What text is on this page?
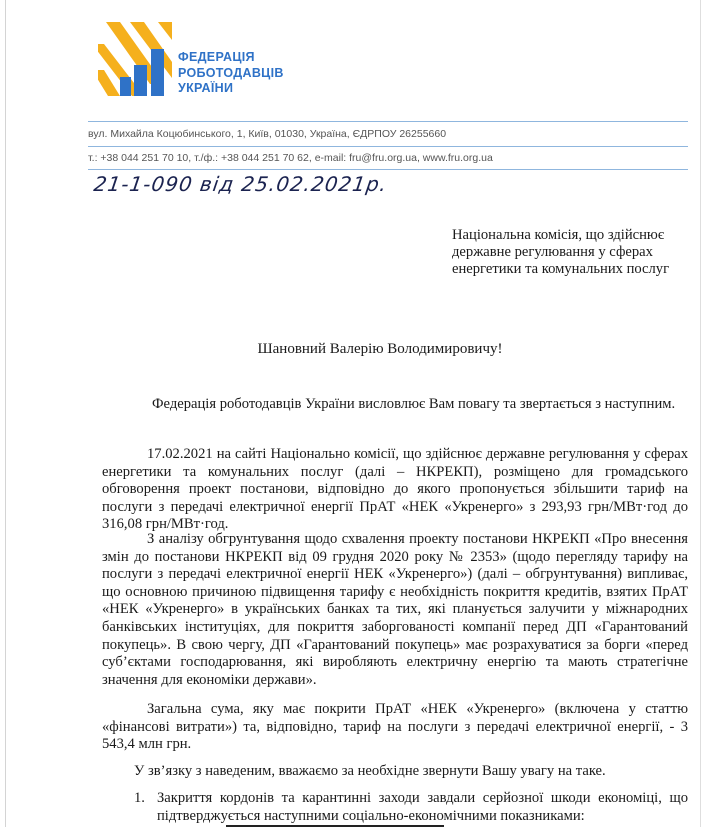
ФЕДЕРАЦІЯ
РОБОТОДАВЦІВ
УКРАЇНИ
вул. Михайла Коцюбинського, 1, Київ, 01030, Україна, ЄДРПОУ 26255660
т.: +38 044 251 70 10, т./ф.: +38 044 251 70 62, e-mail: fru@fru.org.ua, www.fru.org.ua
21-1-090 від 25.02.2021р.
Національна комісія, що здійснює
державне регулювання у сферах
енергетики та комунальних послуг
Шановний Валерію Володимировичу!
Федерація роботодавців України висловлює Вам повагу та звертається з наступним.

17.02.2021 на сайті Національно комісії, що здійснює державне регулювання у сферах енергетики та комунальних послуг (далі – НКРЕКП), розміщено для громадського обговорення проект постанови, відповідно до якого пропонується збільшити тариф на послуги з передачі електричної енергії ПрАТ «НЕК «Укренерго» з 293,93 грн/МВт·год до 316,08 грн/МВт·год.

З аналізу обгрунтування щодо схвалення проекту постанови НКРЕКП «Про внесення змін до постанови НКРЕКП від 09 грудня 2020 року № 2353» (щодо перегляду тарифу на послуги з передачі електричної енергії НЕК «Укренерго») (далі – обгрунтування) випливає, що основною причиною підвищення тарифу є необхідність покриття кредитів, взятих ПрАТ «НЕК «Укренерго» в українських банках та тих, які планується залучити у міжнародних банківських інституціях, для покриття заборгованості компанії перед ДП «Гарантований покупець». В свою чергу, ДП «Гарантований покупець» має розрахуватися за борги «перед суб’єктами господарювання, які виробляють електричну енергію та мають стратегічне значення для економіки держави».

Загальна сума, яку має покрити ПрАТ «НЕК «Укренерго» (включена у статтю «фінансові витрати») та, відповідно, тариф на послуги з передачі електричної енергії, - 3 543,4 млн грн.

У зв’язку з наведеним, вважаємо за необхідне звернути Вашу увагу на таке.

1. Закриття кордонів та карантинні заходи завдали серйозної шкоди економіці, що підтверджується наступними соціально-економічними показниками:
